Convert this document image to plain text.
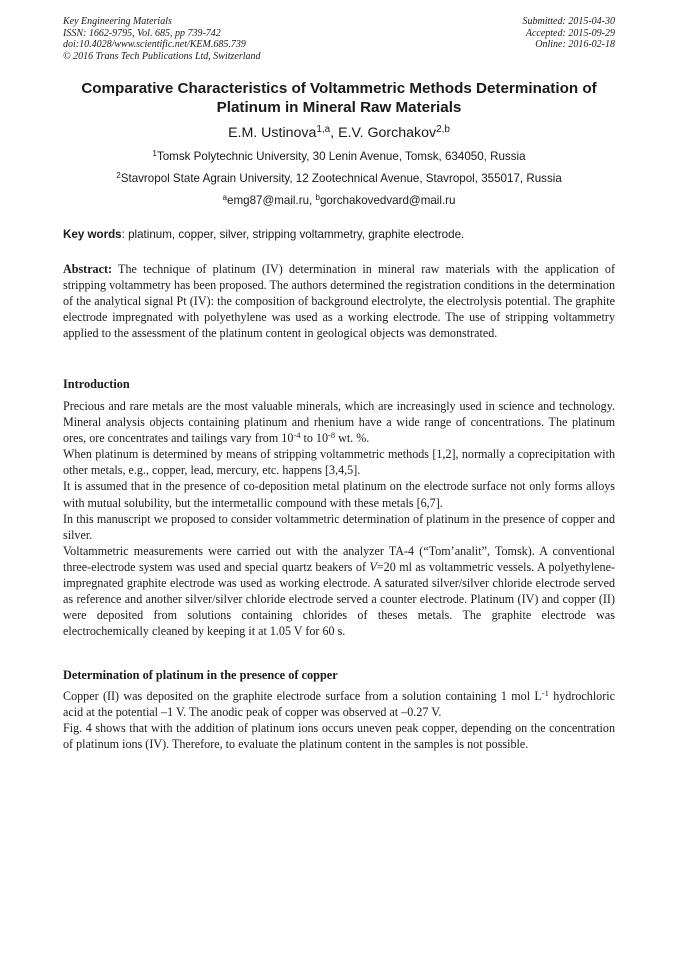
Key Engineering Materials
ISSN: 1662-9795, Vol. 685, pp 739-742
doi:10.4028/www.scientific.net/KEM.685.739
© 2016 Trans Tech Publications Ltd, Switzerland
Submitted: 2015-04-30
Accepted: 2015-09-29
Online: 2016-02-18
Comparative Characteristics of Voltammetric Methods Determination of Platinum in Mineral Raw Materials
E.M. Ustinova$^{1,a}$, E.V. Gorchakov$^{2,b}$
$^1$Tomsk Polytechnic University, 30 Lenin Avenue, Tomsk, 634050, Russia
$^2$Stavropol State Agrain University, 12 Zootechnical Avenue, Stavropol, 355017, Russia
$^a$emg87@mail.ru, $^b$gorchakovedvard@mail.ru
Key words: platinum, copper, silver, stripping voltammetry, graphite electrode.

Abstract: The technique of platinum (IV) determination in mineral raw materials with the application of stripping voltammetry has been proposed. The authors determined the registration conditions in the determination of the analytical signal Pt (IV): the composition of background electrolyte, the electrolysis potential. The graphite electrode impregnated with polyethylene was used as a working electrode. The use of stripping voltammetry applied to the assessment of the platinum content in geological objects was demonstrated.

Introduction

Precious and rare metals are the most valuable minerals, which are increasingly used in science and technology. Mineral analysis objects containing platinum and rhenium have a wide range of concentrations. The platinum ores, ore concentrates and tailings vary from $10^{-4}$ to $10^{-8}$ wt. %.

When platinum is determined by means of stripping voltammetric methods [1,2], normally a coprecipitation with other metals, e.g., copper, lead, mercury, etc. happens [3,4,5].

It is assumed that in the presence of co-deposition metal platinum on the electrode surface not only forms alloys with mutual solubility, but the intermetallic compound with these metals [6,7].

In this manuscript we proposed to consider voltammetric determination of platinum in the presence of copper and silver.

Voltammetric measurements were carried out with the analyzer TA-4 (“Tom’analit”, Tomsk). A conventional three-electrode system was used and special quartz beakers of V=20 ml as voltammetric vessels. A polyethylene-impregnated graphite electrode was used as working electrode. A saturated silver/silver chloride electrode served as reference and another silver/silver chloride electrode served a counter electrode. Platinum (IV) and copper (II) were deposited from solutions containing chlorides of theses metals. The graphite electrode was electrochemically cleaned by keeping it at 1.05 V for 60 s.

Determination of platinum in the presence of copper

Copper (II) was deposited on the graphite electrode surface from a solution containing 1 mol $L^{-1}$ hydrochloric acid at the potential –1 V. The anodic peak of copper was observed at –0.27 V.

Fig. 4 shows that with the addition of platinum ions occurs uneven peak copper, depending on the concentration of platinum ions (IV). Therefore, to evaluate the platinum content in the samples is not possible.
